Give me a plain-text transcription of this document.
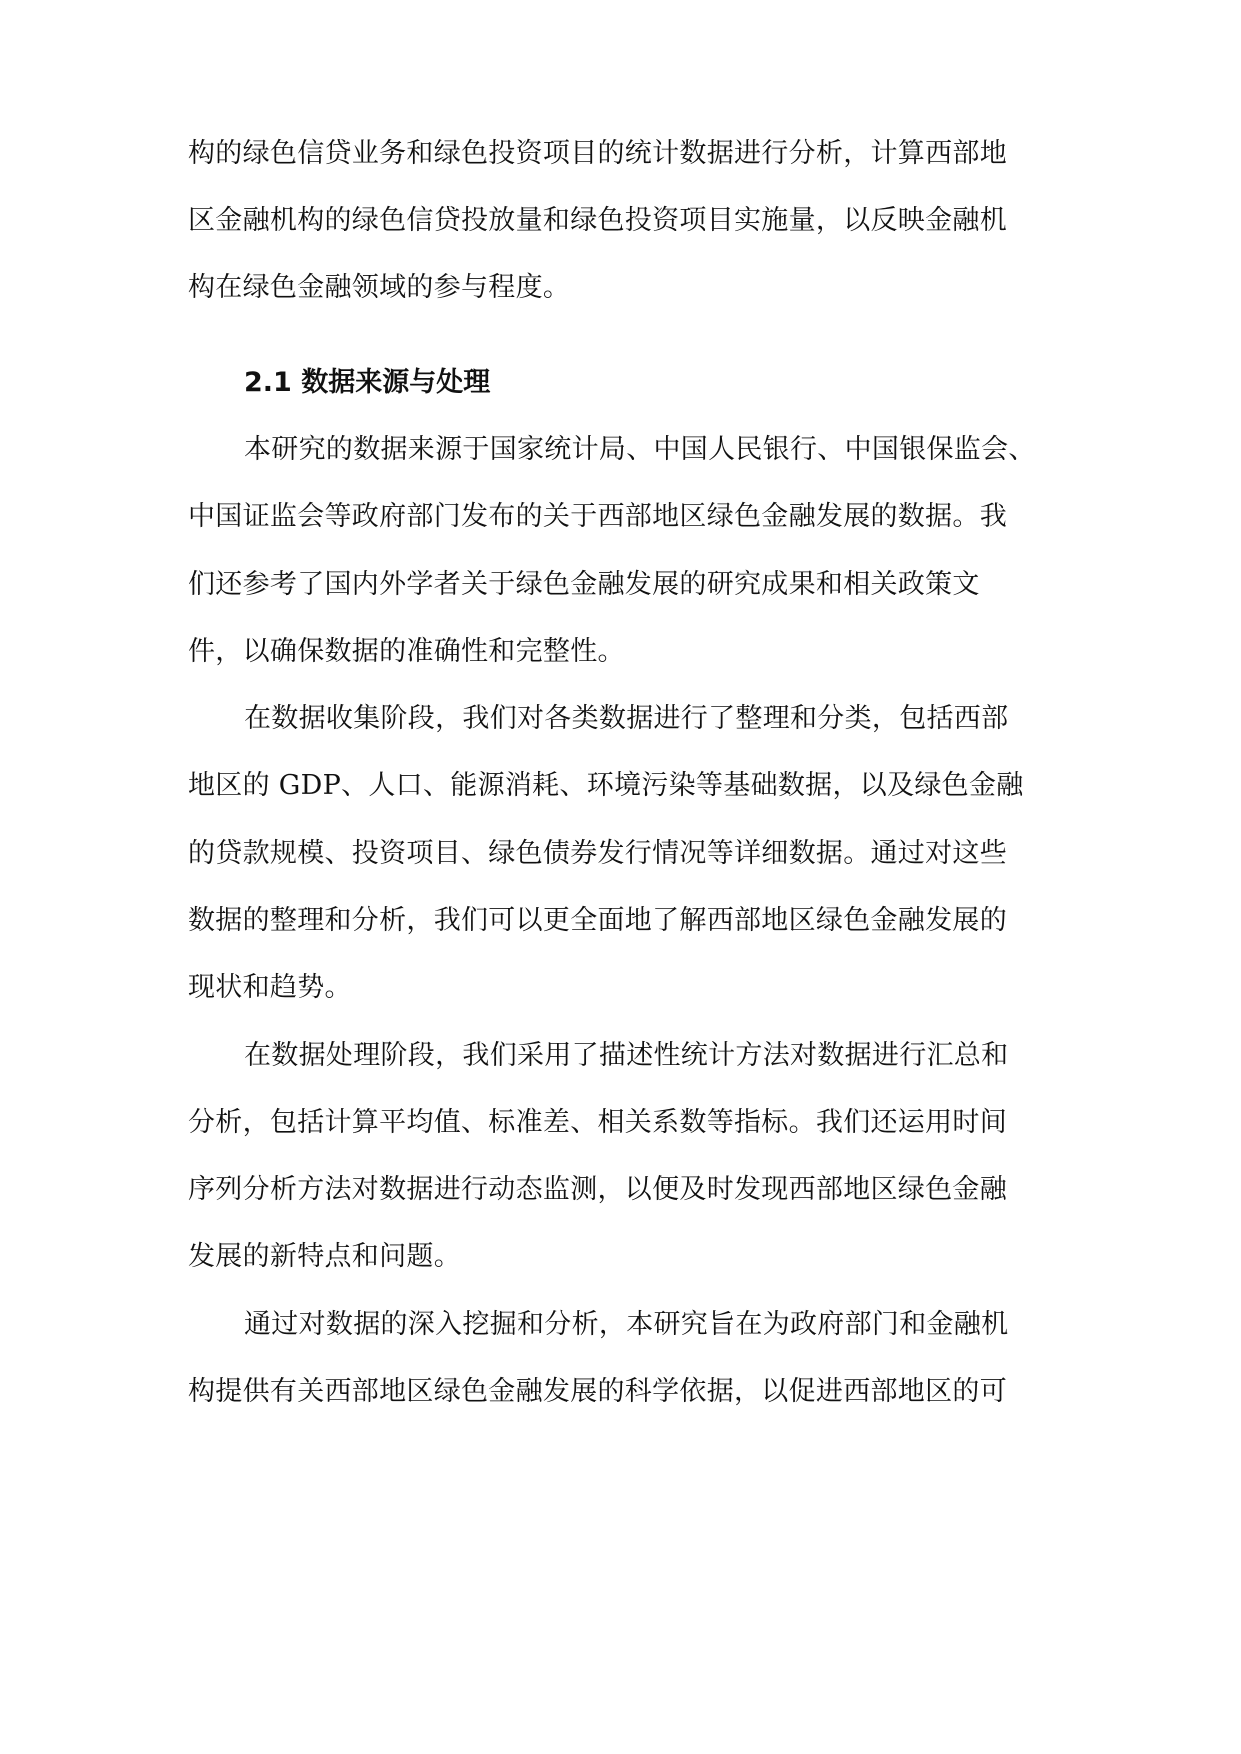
构的绿色信贷业务和绿色投资项目的统计数据进行分析，计算西部地
区金融机构的绿色信贷投放量和绿色投资项目实施量，以反映金融机
构在绿色金融领域的参与程度。
2.1 数据来源与处理
本研究的数据来源于国家统计局、中国人民银行、中国银保监会、
中国证监会等政府部门发布的关于西部地区绿色金融发展的数据。我
们还参考了国内外学者关于绿色金融发展的研究成果和相关政策文
件，以确保数据的准确性和完整性。
在数据收集阶段，我们对各类数据进行了整理和分类，包括西部
地区的 GDP、人口、能源消耗、环境污染等基础数据，以及绿色金融
的贷款规模、投资项目、绿色债券发行情况等详细数据。通过对这些
数据的整理和分析，我们可以更全面地了解西部地区绿色金融发展的
现状和趋势。
在数据处理阶段，我们采用了描述性统计方法对数据进行汇总和
分析，包括计算平均值、标准差、相关系数等指标。我们还运用时间
序列分析方法对数据进行动态监测，以便及时发现西部地区绿色金融
发展的新特点和问题。
通过对数据的深入挖掘和分析，本研究旨在为政府部门和金融机
构提供有关西部地区绿色金融发展的科学依据，以促进西部地区的可
